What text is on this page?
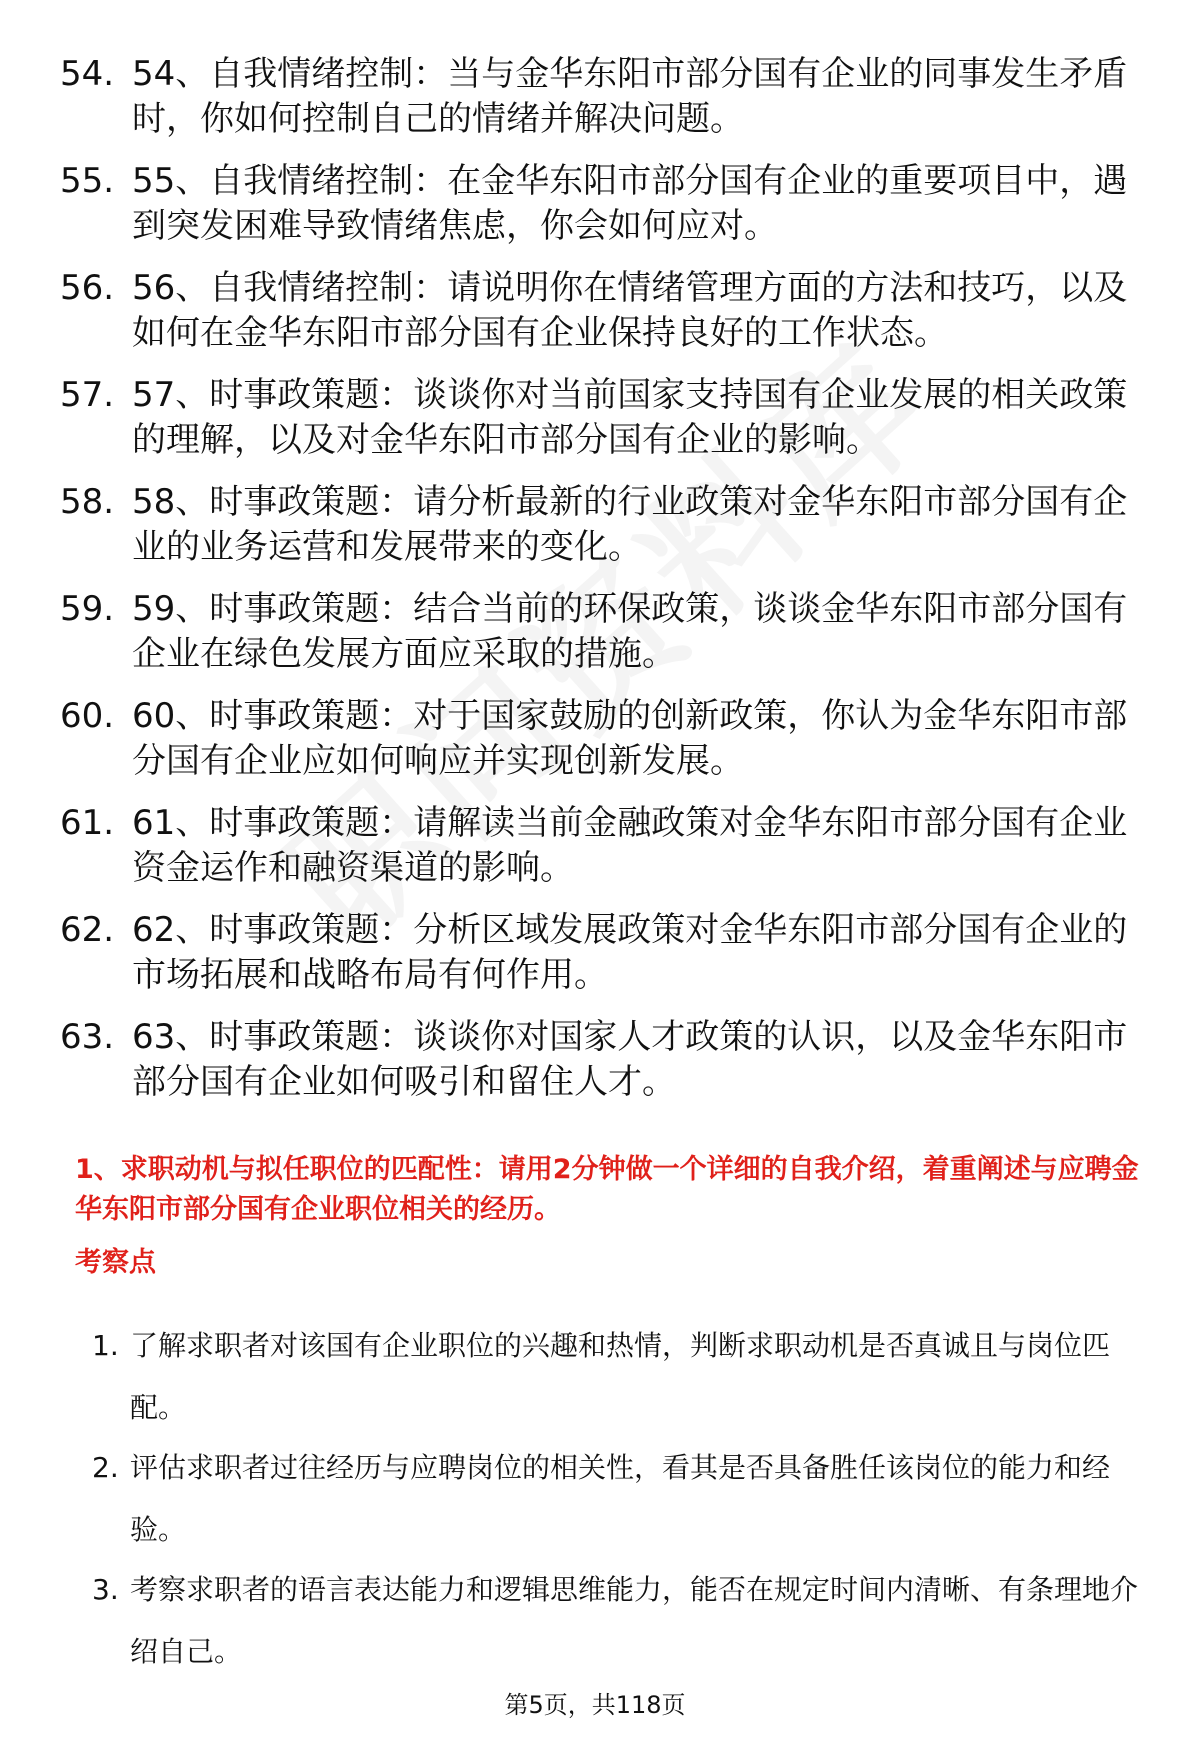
54. 54、自我情绪控制：当与金华东阳市部分国有企业的同事发生矛盾时，你如何控制自己的情绪并解决问题。
55. 55、自我情绪控制：在金华东阳市部分国有企业的重要项目中，遇到突发困难导致情绪焦虑，你会如何应对。
56. 56、自我情绪控制：请说明你在情绪管理方面的方法和技巧，以及如何在金华东阳市部分国有企业保持良好的工作状态。
57. 57、时事政策题：谈谈你对当前国家支持国有企业发展的相关政策的理解，以及对金华东阳市部分国有企业的影响。
58. 58、时事政策题：请分析最新的行业政策对金华东阳市部分国有企业的业务运营和发展带来的变化。
59. 59、时事政策题：结合当前的环保政策，谈谈金华东阳市部分国有企业在绿色发展方面应采取的措施。
60. 60、时事政策题：对于国家鼓励的创新政策，你认为金华东阳市部分国有企业应如何响应并实现创新发展。
61. 61、时事政策题：请解读当前金融政策对金华东阳市部分国有企业资金运作和融资渠道的影响。
62. 62、时事政策题：分析区域发展政策对金华东阳市部分国有企业的市场拓展和战略布局有何作用。
63. 63、时事政策题：谈谈你对国家人才政策的认识，以及金华东阳市部分国有企业如何吸引和留住人才。
1、求职动机与拟任职位的匹配性：请用2分钟做一个详细的自我介绍，着重阐述与应聘金华东阳市部分国有企业职位相关的经历。
考察点
1. 了解求职者对该国有企业职位的兴趣和热情，判断求职动机是否真诚且与岗位匹配。
2. 评估求职者过往经历与应聘岗位的相关性，看其是否具备胜任该岗位的能力和经验。
3. 考察求职者的语言表达能力和逻辑思维能力，能否在规定时间内清晰、有条理地介绍自己。
第5页，共118页
